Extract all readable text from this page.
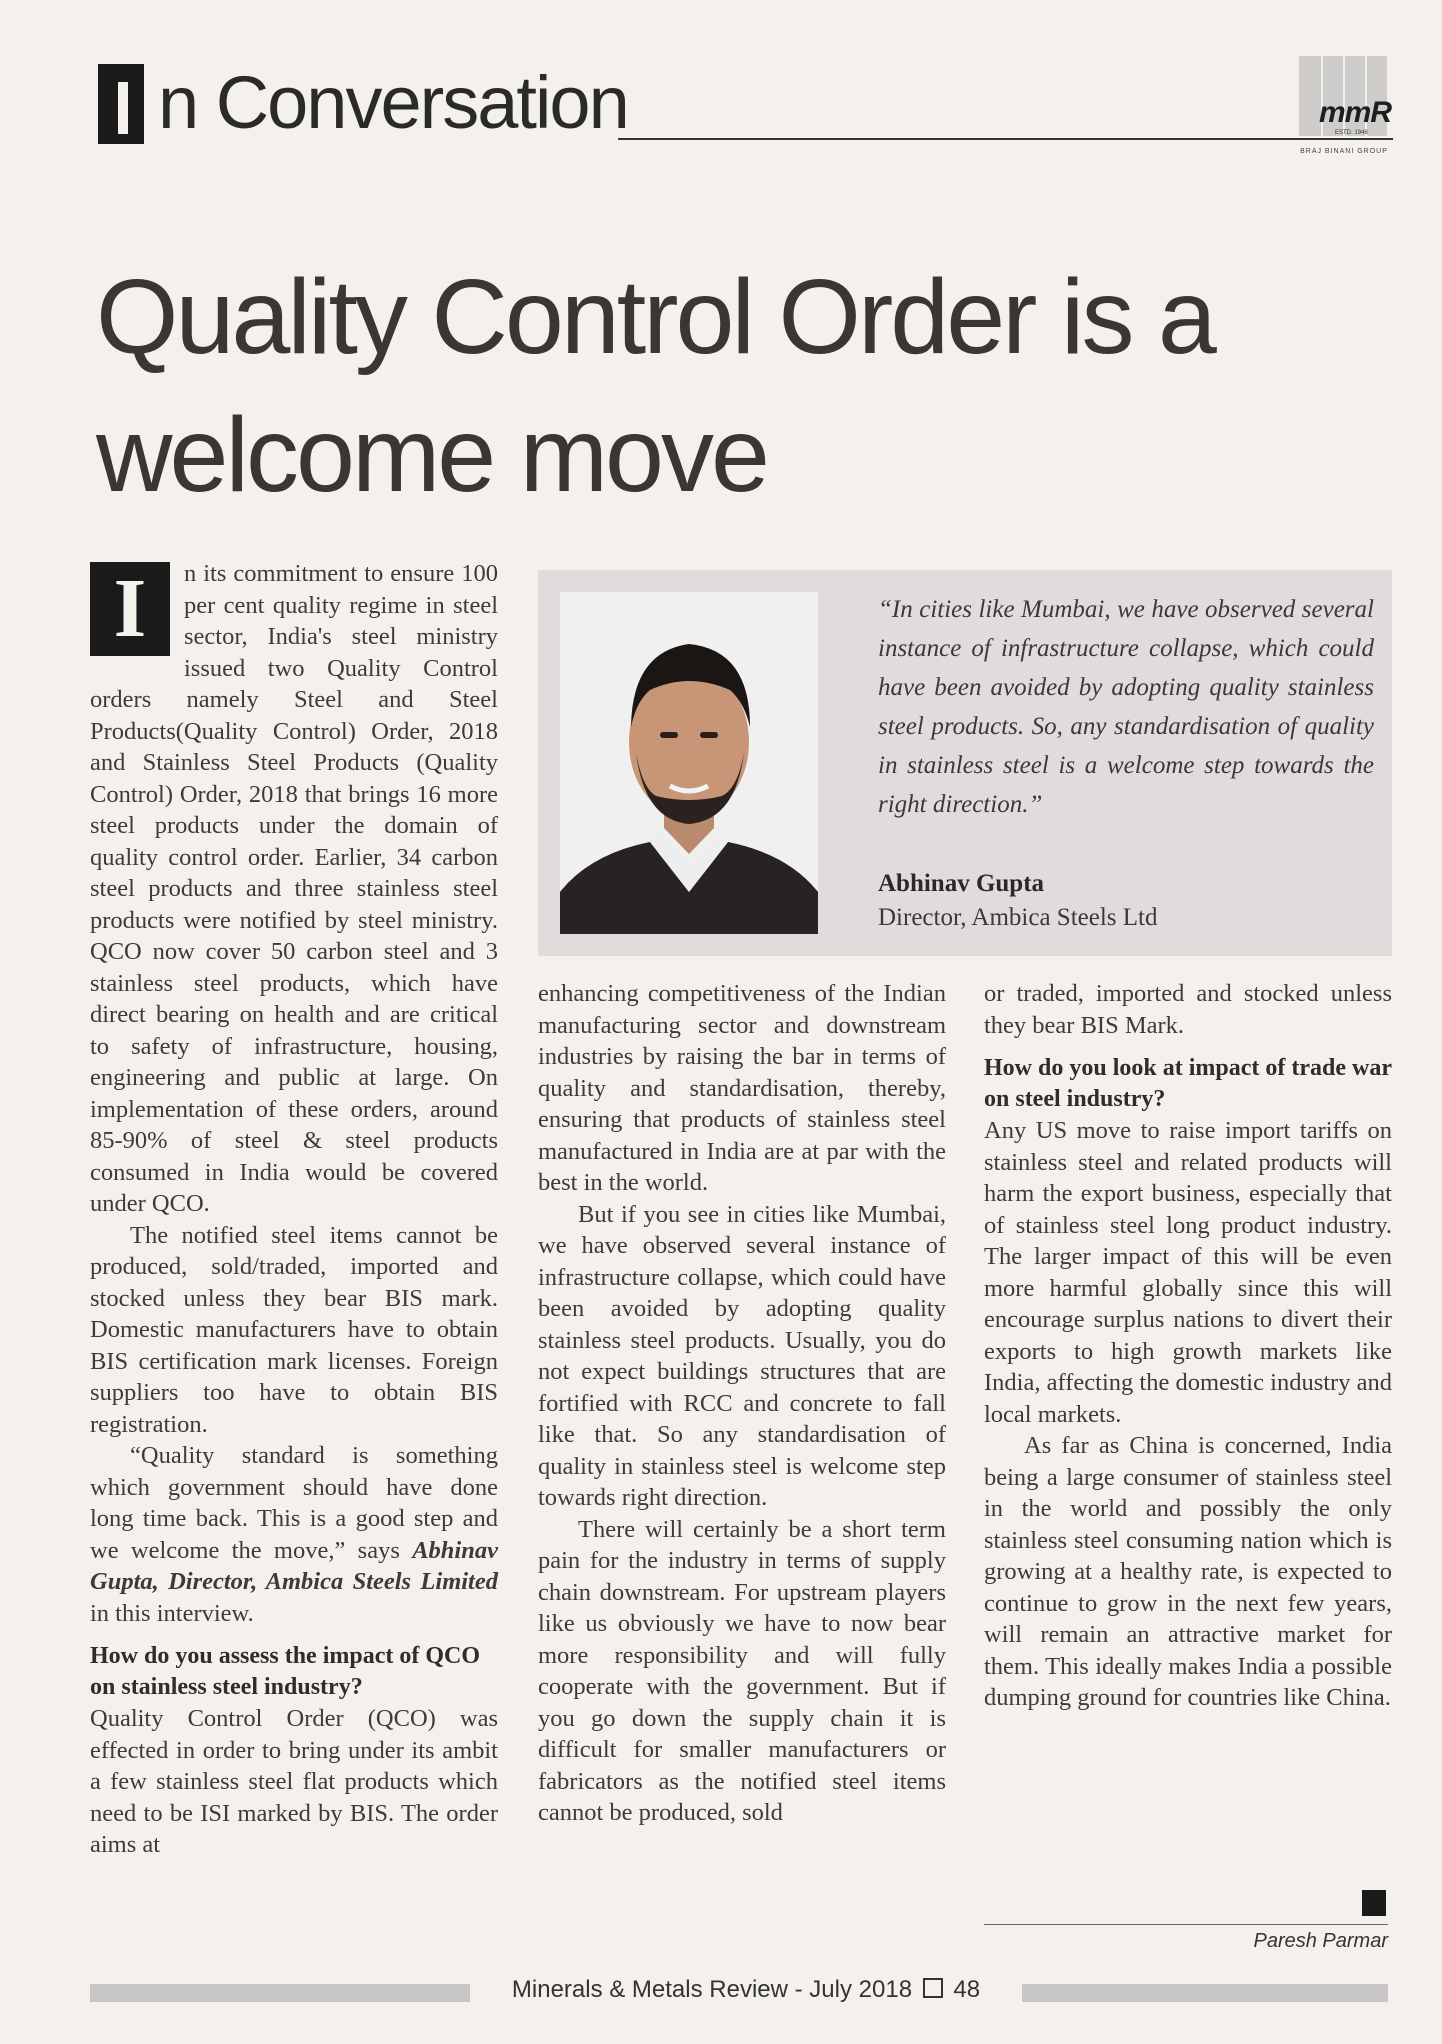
n Conversation	mmR
ESTD. 1948
BRAJ BINANI GROUP
Quality Control Order is a
welcome move

I	n its commitment to ensure 100 per cent quality regime in steel sector, India's steel ministry issued two Quality Control orders namely Steel and Steel Products(Quality Control) Order, 2018 and Stainless Steel Products (Quality Control) Order, 2018 that brings 16 more steel products under the domain of quality control order. Earlier, 34 carbon steel products and three stainless steel products were notified by steel ministry. QCO now cover 50 carbon steel and 3 stainless steel products, which have direct bearing on health and are critical to safety of infrastructure, housing, engineering and public at large. On implementation of these orders, around 85-90% of steel & steel products consumed in India would be covered under QCO.

The notified steel items cannot be produced, sold/traded, imported and stocked unless they bear BIS mark. Domestic manufacturers have to obtain BIS certification mark licenses. Foreign suppliers too have to obtain BIS registration.

“Quality standard is something which government should have done long time back. This is a good step and we welcome the move,” says Abhinav Gupta, Director, Ambica Steels Limited in this interview.

How do you assess the impact of QCO on stainless steel industry?

Quality Control Order (QCO) was effected in order to bring under its ambit a few stainless steel flat products which need to be ISI marked by BIS. The order aims at

“In cities like Mumbai, we have observed several instance of infrastructure collapse, which could have been avoided by adopting quality stainless steel products. So, any standardisation of quality in stainless steel is a welcome step towards the right direction.”
Abhinav Gupta
Director, Ambica Steels Ltd

enhancing competitiveness of the Indian manufacturing sector and downstream industries by raising the bar in terms of quality and standardisation, thereby, ensuring that products of stainless steel manufactured in India are at par with the best in the world.

But if you see in cities like Mumbai, we have observed several instance of infrastructure collapse, which could have been avoided by adopting quality stainless steel products. Usually, you do not expect buildings structures that are fortified with RCC and concrete to fall like that. So any standardisation of quality in stainless steel is welcome step towards right direction.

There will certainly be a short term pain for the industry in terms of supply chain downstream. For upstream players like us obviously we have to now bear more responsibility and will fully cooperate with the government. But if you go down the supply chain it is difficult for smaller manufacturers or fabricators as the notified steel items cannot be produced, sold

or traded, imported and stocked unless they bear BIS Mark.

How do you look at impact of trade war on steel industry?

Any US move to raise import tariffs on stainless steel and related products will harm the export business, especially that of stainless steel long product industry. The larger impact of this will be even more harmful globally since this will encourage surplus nations to divert their exports to high growth markets like India, affecting the domestic industry and local markets.

As far as China is concerned, India being a large consumer of stainless steel in the world and possibly the only stainless steel consuming nation which is growing at a healthy rate, is expected to continue to grow in the next few years, will remain an attractive market for them. This ideally makes India a possible dumping ground for countries like China.

Paresh Parmar
Minerals & Metals Review - July 2018 48
